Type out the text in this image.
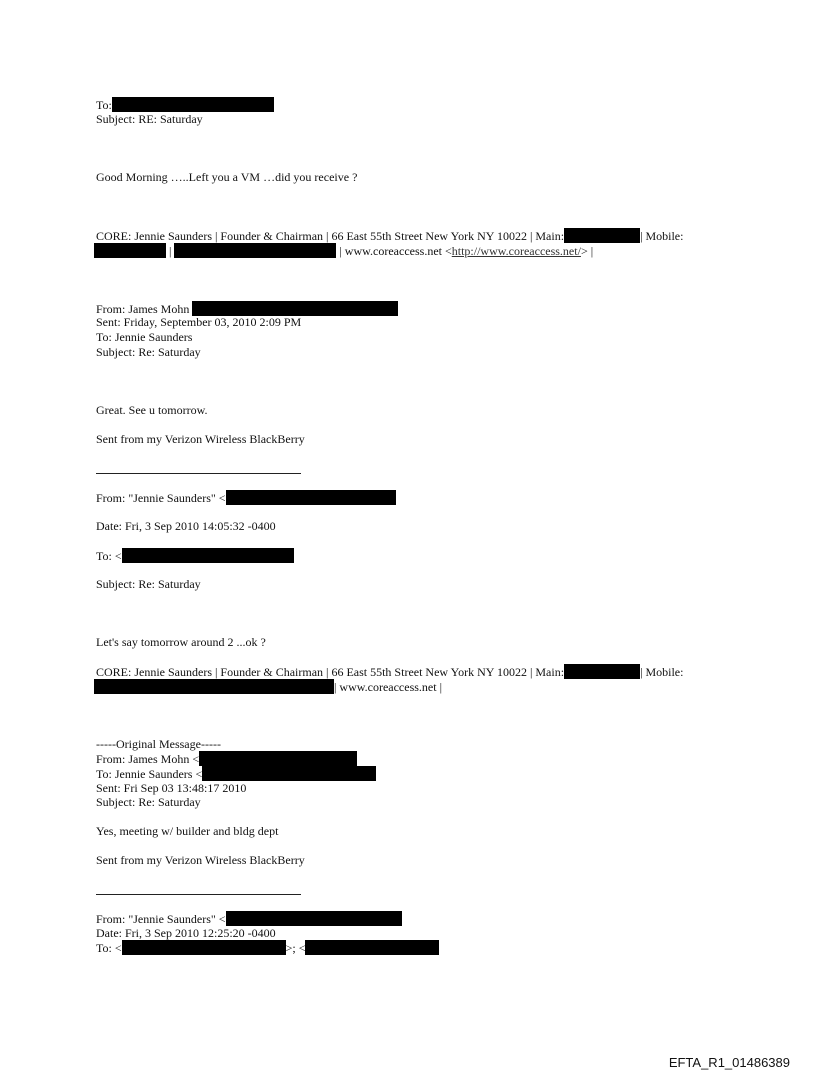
To:
Subject: RE: Saturday
Good Morning …..Left you a VM …did you receive ?
CORE: Jennie Saunders | Founder & Chairman | 66 East 55th Street New York NY 10022 | Main:	| Mobile:
|	| www.coreaccess.net <http://www.coreaccess.net/> |
From: James Mohn
Sent: Friday, September 03, 2010 2:09 PM
To: Jennie Saunders
Subject: Re: Saturday
Great. See u tomorrow.
Sent from my Verizon Wireless BlackBerry
From: "Jennie Saunders" <
Date: Fri, 3 Sep 2010 14:05:32 -0400
To: <
Subject: Re: Saturday
Let's say tomorrow around 2 ...ok ?
CORE: Jennie Saunders | Founder & Chairman | 66 East 55th Street New York NY 10022 | Main:	| Mobile:
| www.coreaccess.net |
-----Original Message-----
From: James Mohn <
To: Jennie Saunders <
Sent: Fri Sep 03 13:48:17 2010
Subject: Re: Saturday
Yes, meeting w/ builder and bldg dept
Sent from my Verizon Wireless BlackBerry
From: "Jennie Saunders" <
Date: Fri, 3 Sep 2010 12:25:20 -0400
To: <	>; <
EFTA_R1_01486389
